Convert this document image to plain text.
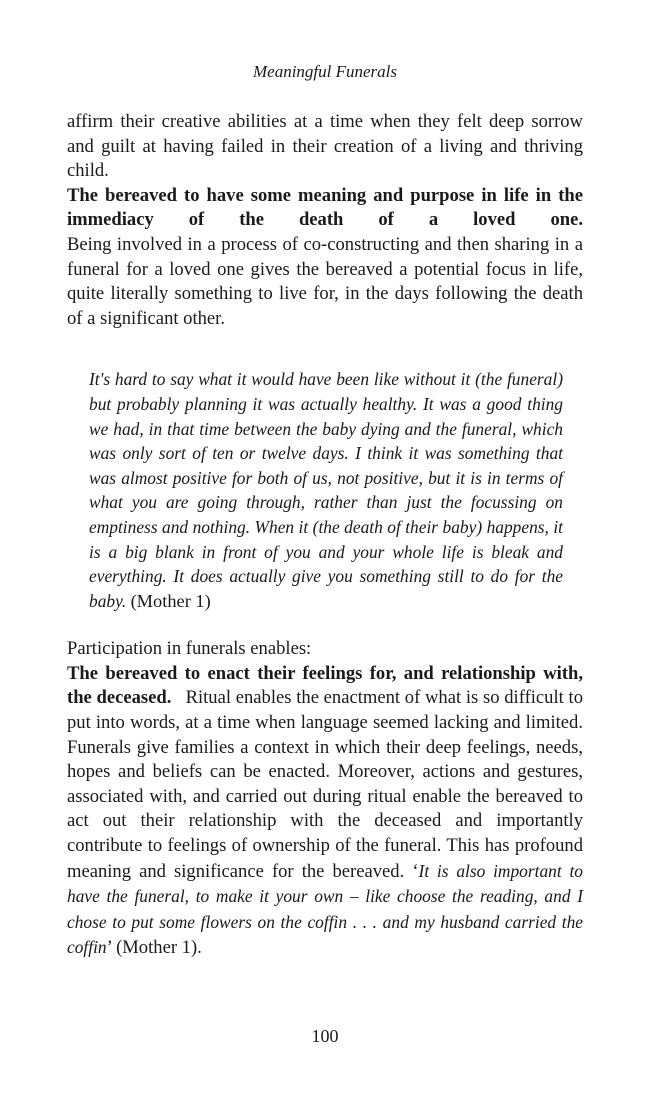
Meaningful Funerals

affirm their creative abilities at a time when they felt deep sorrow and guilt at having failed in their creation of a living and thriving child.

The bereaved to have some meaning and purpose in life in the immediacy of the death of a loved one.

Being involved in a process of co-constructing and then sharing in a funeral for a loved one gives the bereaved a potential focus in life, quite literally something to live for, in the days following the death of a significant other.

It's hard to say what it would have been like without it (the funeral) but probably planning it was actually healthy. It was a good thing we had, in that time between the baby dying and the funeral, which was only sort of ten or twelve days. I think it was something that was almost positive for both of us, not positive, but it is in terms of what you are going through, rather than just the focussing on emptiness and nothing. When it (the death of their baby) happens, it is a big blank in front of you and your whole life is bleak and everything. It does actually give you something still to do for the baby. (Mother 1)

Participation in funerals enables:

The bereaved to enact their feelings for, and relationship with, the deceased. Ritual enables the enactment of what is so difficult to put into words, at a time when language seemed lacking and limited. Funerals give families a context in which their deep feelings, needs, hopes and beliefs can be enacted. Moreover, actions and gestures, associated with, and carried out during ritual enable the bereaved to act out their relationship with the deceased and importantly contribute to feelings of ownership of the funeral. This has profound meaning and significance for the bereaved. ‘It is also important to have the funeral, to make it your own – like choose the reading, and I chose to put some flowers on the coffin . . . and my husband carried the coffin’ (Mother 1).

100
